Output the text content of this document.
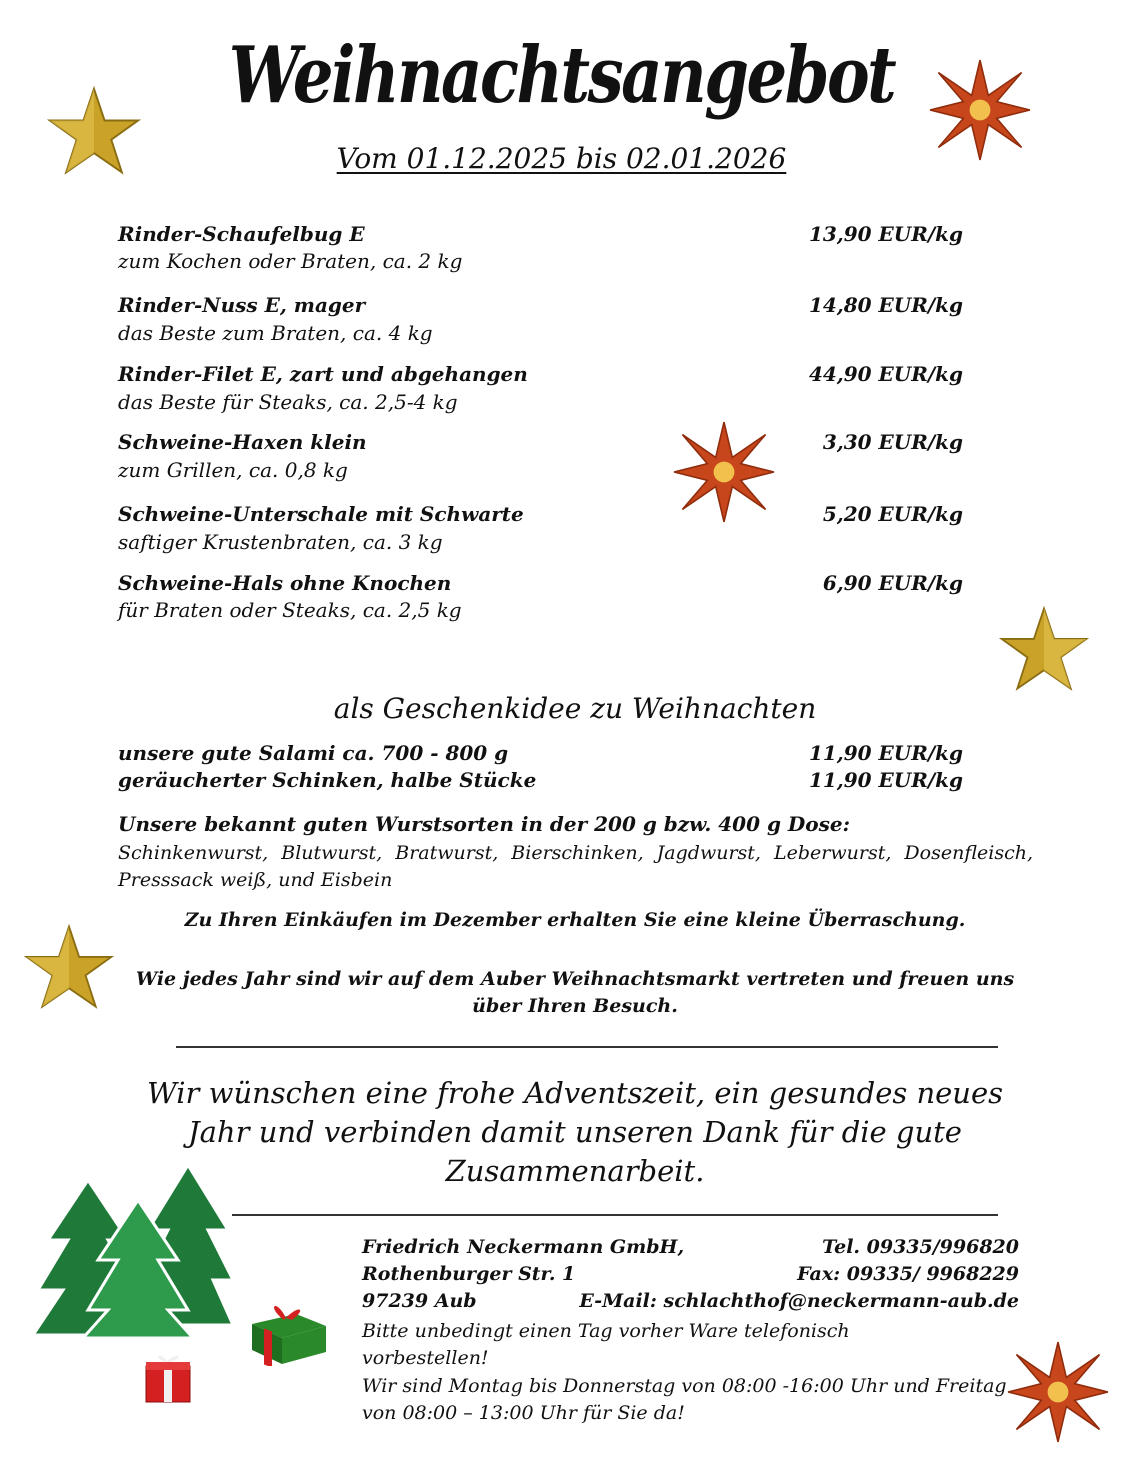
Weihnachtsangebot
Vom 01.12.2025 bis 02.01.2026
Rinder-Schaufelbug E
zum Kochen oder Braten, ca. 2 kg
13,90 EUR/kg
Rinder-Nuss E, mager
das Beste zum Braten, ca. 4 kg
14,80 EUR/kg
Rinder-Filet E, zart und abgehangen
das Beste für Steaks, ca. 2,5-4 kg
44,90 EUR/kg
Schweine-Haxen klein
zum Grillen, ca. 0,8 kg
3,30 EUR/kg
Schweine-Unterschale mit Schwarte
saftiger Krustenbraten, ca. 3 kg
5,20 EUR/kg
Schweine-Hals ohne Knochen
für Braten oder Steaks, ca. 2,5 kg
6,90 EUR/kg
als Geschenkidee zu Weihnachten
unsere gute Salami ca. 700 - 800 g	11,90 EUR/kg
geräucherter Schinken, halbe Stücke	11,90 EUR/kg
Unsere bekannt guten Wurstsorten in der 200 g bzw. 400 g Dose:
Schinkenwurst, Blutwurst, Bratwurst, Bierschinken, Jagdwurst, Leberwurst, Dosenfleisch, Presssack weiß, und Eisbein
Zu Ihren Einkäufen im Dezember erhalten Sie eine kleine Überraschung.
Wie jedes Jahr sind wir auf dem Auber Weihnachtsmarkt vertreten und freuen uns über Ihren Besuch.
Wir wünschen eine frohe Adventszeit, ein gesundes neues Jahr und verbinden damit unseren Dank für die gute Zusammenarbeit.
Friedrich Neckermann GmbH,
Rothenburger Str. 1
97239 Aub
Tel. 09335/996820
Fax: 09335/ 9968229
E-Mail: schlachthof@neckermann-aub.de
Bitte unbedingt einen Tag vorher Ware telefonisch vorbestellen!
Wir sind Montag bis Donnerstag von 08:00 -16:00 Uhr und Freitag von 08:00 – 13:00 Uhr für Sie da!
